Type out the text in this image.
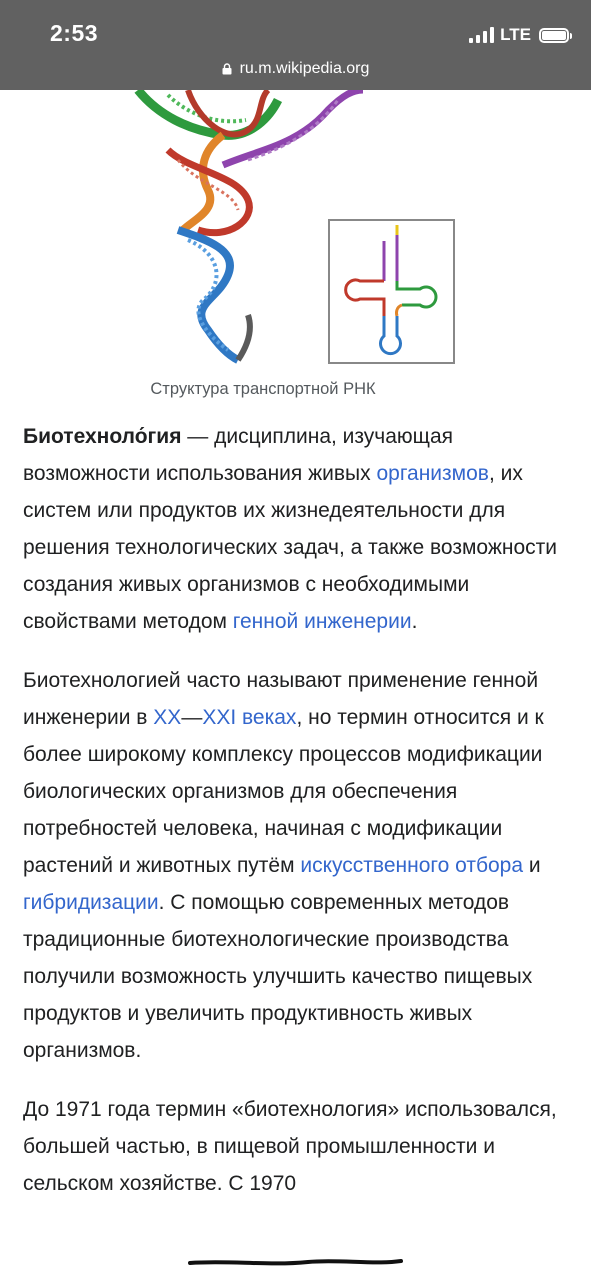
2:53	LTE
ru.m.wikipedia.org
Структура транспортной РНК

Биотехноло́гия — дисциплина, изучающая возможности использования живых организмов, их систем или продуктов их жизнедеятельности для решения технологических задач, а также возможности создания живых организмов с необходимыми свойствами методом генной инженерии.

Биотехнологией часто называют применение генной инженерии в XX—XXI веках, но термин относится и к более широкому комплексу процессов модификации биологических организмов для обеспечения потребностей человека, начиная с модификации растений и животных путём искусственного отбора и гибридизации. С помощью современных методов традиционные биотехнологические производства получили возможность улучшить качество пищевых продуктов и увеличить продуктивность живых организмов.

До 1971 года термин «биотехнология» использовался, большей частью, в пищевой промышленности и сельском хозяйстве. С 1970
